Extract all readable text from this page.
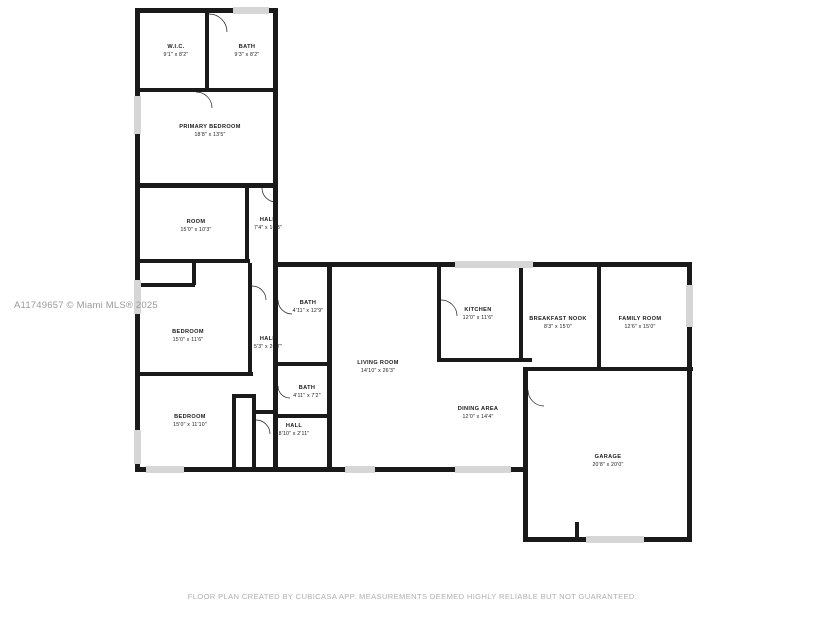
W.I.C.
9'1" x 8'2"
BATH
9'3" x 8'2"
PRIMARY BEDROOM
18'8" x 13'5"
ROOM
15'0" x 10'3"
HALL
7'4" x 10'3"
BEDROOM
15'0" x 11'6"	HALL
5'3" x 20'7"
BEDROOM
15'0" x 11'10"
BATH
4'11" x 12'9"
BATH
4'11" x 7'2"
HALL
8'10" x 2'11"
LIVING ROOM
14'10" x 26'3"
DINING AREA
12'0" x 14'4"
KITCHEN
12'0" x 11'6"	BREAKFAST NOOK
8'3" x 15'0"
FAMILY ROOM
12'6" x 15'0"
GARAGE
20'8" x 20'0"
A11749657 © Miami MLS® 2025
FLOOR PLAN CREATED BY CUBICASA APP. MEASUREMENTS DEEMED HIGHLY RELIABLE BUT NOT GUARANTEED.
